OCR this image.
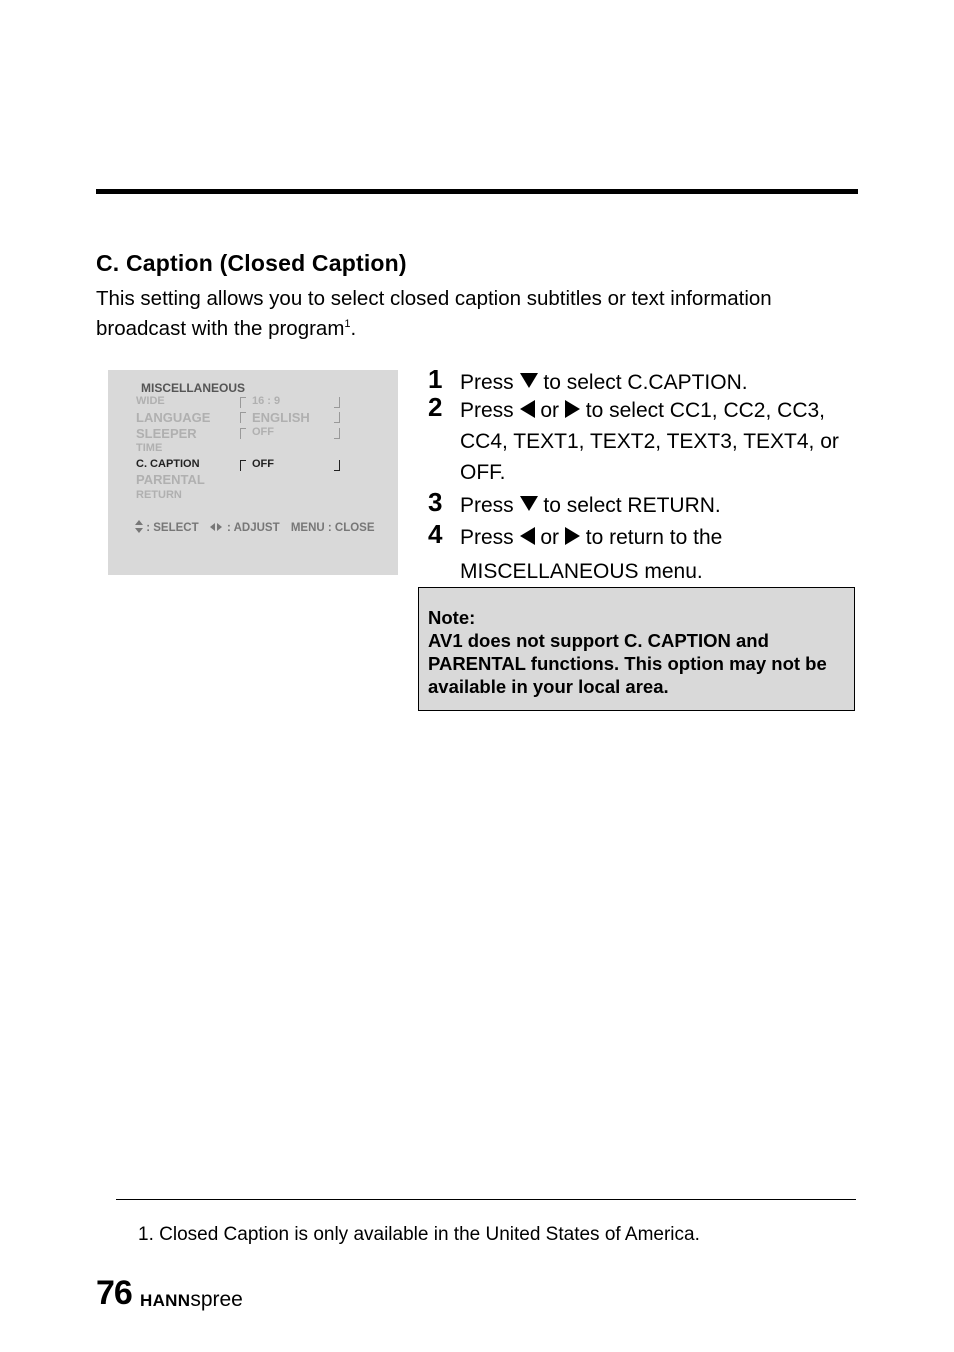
C. Caption (Closed Caption)
This setting allows you to select closed caption subtitles or text information broadcast with the program$^1$.
MISCELLANEOUS
WIDE	16 : 9
LANGUAGE	ENGLISH
SLEEPER	OFF
TIME
C. CAPTION	OFF
PARENTAL
RETURN
: SELECT : ADJUST MENU : CLOSE
1 Press to select C.CAPTION.
2 Press or to select CC1, CC2, CC3, CC4, TEXT1, TEXT2, TEXT3, TEXT4, or OFF.
3 Press to select RETURN.
4 Press or to return to the
MISCELLANEOUS menu.
Note:
AV1 does not support C. CAPTION and PARENTAL functions. This option may not be available in your local area.
1. Closed Caption is only available in the United States of America.
76 HANNspree
